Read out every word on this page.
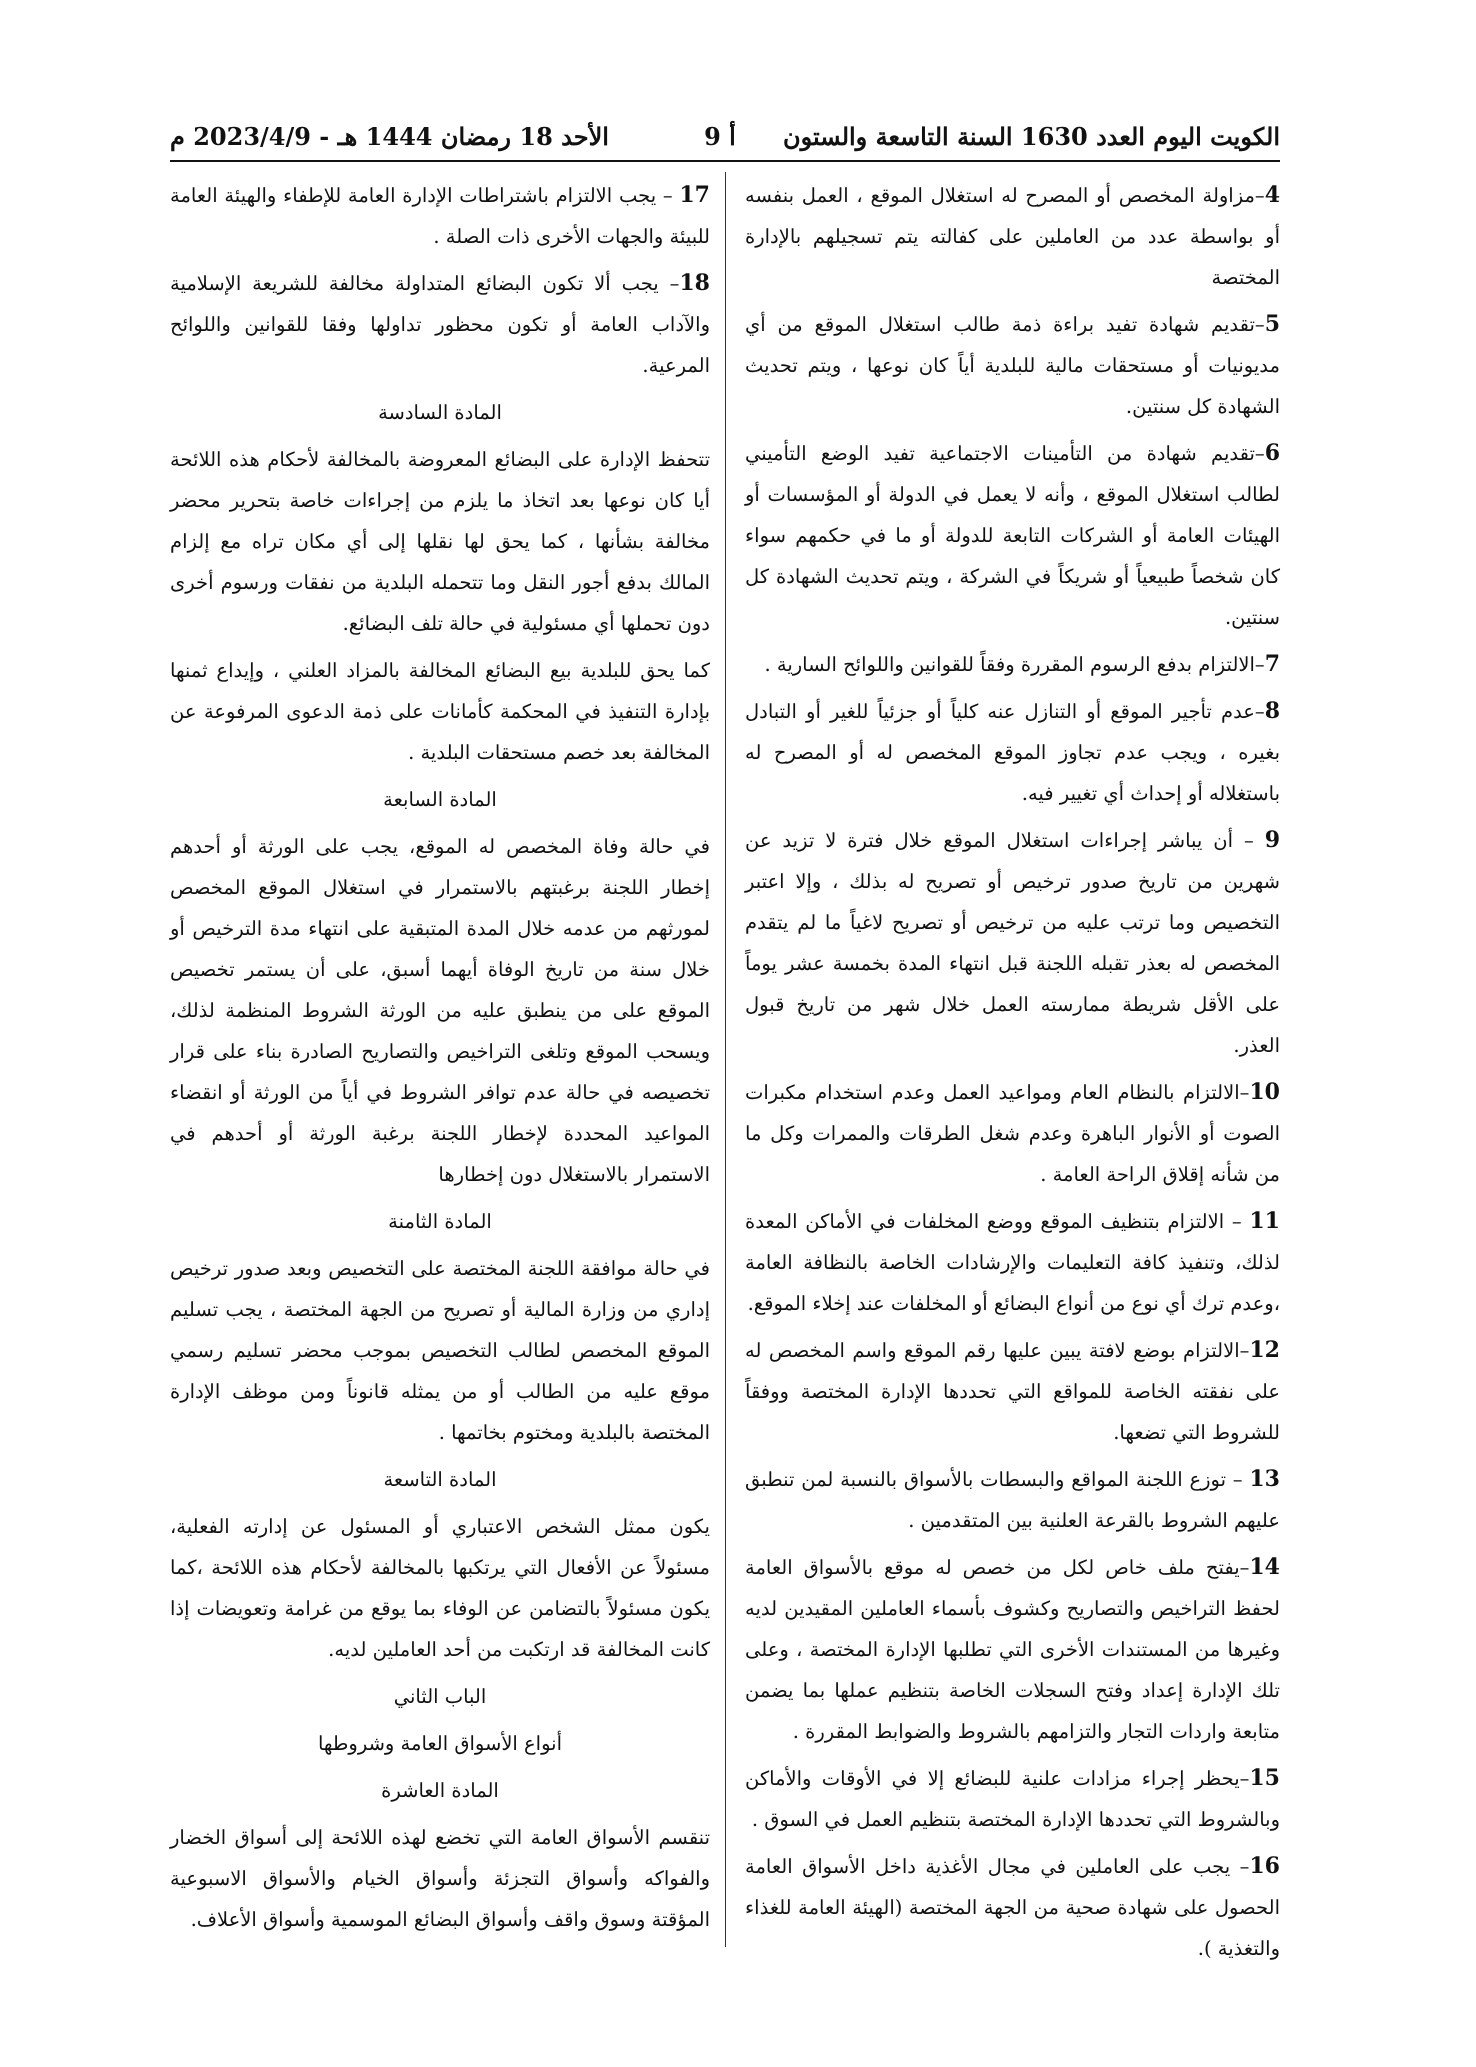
الكويت اليوم العدد 1630 السنة التاسعة والستون
أ 9
الأحد 18 رمضان 1444 هـ - 2023/4/9 م

4–مزاولة المخصص أو المصرح له استغلال الموقع ، العمل بنفسه أو بواسطة عدد من العاملين على كفالته يتم تسجيلهم بالإدارة المختصة

5–تقديم شهادة تفيد براءة ذمة طالب استغلال الموقع من أي مديونيات أو مستحقات مالية للبلدية أياً كان نوعها ، ويتم تحديث الشهادة كل سنتين.

6–تقديم شهادة من التأمينات الاجتماعية تفيد الوضع التأميني لطالب استغلال الموقع ، وأنه لا يعمل في الدولة أو المؤسسات أو الهيئات العامة أو الشركات التابعة للدولة أو ما في حكمهم سواء كان شخصاً طبيعياً أو شريكاً في الشركة ، ويتم تحديث الشهادة كل سنتين.

7–الالتزام بدفع الرسوم المقررة وفقاً للقوانين واللوائح السارية .

8–عدم تأجير الموقع أو التنازل عنه كلياً أو جزئياً للغير أو التبادل بغيره ، ويجب عدم تجاوز الموقع المخصص له أو المصرح له باستغلاله أو إحداث أي تغيير فيه.

9 – أن يباشر إجراءات استغلال الموقع خلال فترة لا تزيد عن شهرين من تاريخ صدور ترخيص أو تصريح له بذلك ، وإلا اعتبر التخصيص وما ترتب عليه من ترخيص أو تصريح لاغياً ما لم يتقدم المخصص له بعذر تقبله اللجنة قبل انتهاء المدة بخمسة عشر يوماً على الأقل شريطة ممارسته العمل خلال شهر من تاريخ قبول العذر.

10–الالتزام بالنظام العام ومواعيد العمل وعدم استخدام مكبرات الصوت أو الأنوار الباهرة وعدم شغل الطرقات والممرات وكل ما من شأنه إقلاق الراحة العامة .

11 – الالتزام بتنظيف الموقع ووضع المخلفات في الأماكن المعدة لذلك، وتنفيذ كافة التعليمات والإرشادات الخاصة بالنظافة العامة ،وعدم ترك أي نوع من أنواع البضائع أو المخلفات عند إخلاء الموقع.

12–الالتزام بوضع لافتة يبين عليها رقم الموقع واسم المخصص له على نفقته الخاصة للمواقع التي تحددها الإدارة المختصة ووفقاً للشروط التي تضعها.

13 – توزع اللجنة المواقع والبسطات بالأسواق بالنسبة لمن تنطبق عليهم الشروط بالقرعة العلنية بين المتقدمين .

14–يفتح ملف خاص لكل من خصص له موقع بالأسواق العامة لحفظ التراخيص والتصاريح وكشوف بأسماء العاملين المقيدين لديه وغيرها من المستندات الأخرى التي تطلبها الإدارة المختصة ، وعلى تلك الإدارة إعداد وفتح السجلات الخاصة بتنظيم عملها بما يضمن متابعة واردات التجار والتزامهم بالشروط والضوابط المقررة .

15–يحظر إجراء مزادات علنية للبضائع إلا في الأوقات والأماكن وبالشروط التي تحددها الإدارة المختصة بتنظيم العمل في السوق .

16– يجب على العاملين في مجال الأغذية داخل الأسواق العامة الحصول على شهادة صحية من الجهة المختصة (الهيئة العامة للغذاء والتغذية ).

17 – يجب الالتزام باشتراطات الإدارة العامة للإطفاء والهيئة العامة للبيئة والجهات الأخرى ذات الصلة .

18– يجب ألا تكون البضائع المتداولة مخالفة للشريعة الإسلامية والآداب العامة أو تكون محظور تداولها وفقا للقوانين واللوائح المرعية.

المادة السادسة

تتحفظ الإدارة على البضائع المعروضة بالمخالفة لأحكام هذه اللائحة أيا كان نوعها بعد اتخاذ ما يلزم من إجراءات خاصة بتحرير محضر مخالفة بشأنها ، كما يحق لها نقلها إلى أي مكان تراه مع إلزام المالك بدفع أجور النقل وما تتحمله البلدية من نفقات ورسوم أخرى دون تحملها أي مسئولية في حالة تلف البضائع.

كما يحق للبلدية بيع البضائع المخالفة بالمزاد العلني ، وإيداع ثمنها بإدارة التنفيذ في المحكمة كأمانات على ذمة الدعوى المرفوعة عن المخالفة بعد خصم مستحقات البلدية .

المادة السابعة

في حالة وفاة المخصص له الموقع، يجب على الورثة أو أحدهم إخطار اللجنة برغبتهم بالاستمرار في استغلال الموقع المخصص لمورثهم من عدمه خلال المدة المتبقية على انتهاء مدة الترخيص أو خلال سنة من تاريخ الوفاة أيهما أسبق، على أن يستمر تخصيص الموقع على من ينطبق عليه من الورثة الشروط المنظمة لذلك، ويسحب الموقع وتلغى التراخيص والتصاريح الصادرة بناء على قرار تخصيصه في حالة عدم توافر الشروط في أياً من الورثة أو انقضاء المواعيد المحددة لإخطار اللجنة برغبة الورثة أو أحدهم في الاستمرار بالاستغلال دون إخطارها

المادة الثامنة

في حالة موافقة اللجنة المختصة على التخصيص وبعد صدور ترخيص إداري من وزارة المالية أو تصريح من الجهة المختصة ، يجب تسليم الموقع المخصص لطالب التخصيص بموجب محضر تسليم رسمي موقع عليه من الطالب أو من يمثله قانوناً ومن موظف الإدارة المختصة بالبلدية ومختوم بخاتمها .

المادة التاسعة

يكون ممثل الشخص الاعتباري أو المسئول عن إدارته الفعلية، مسئولاً عن الأفعال التي يرتكبها بالمخالفة لأحكام هذه اللائحة ،كما يكون مسئولاً بالتضامن عن الوفاء بما يوقع من غرامة وتعويضات إذا كانت المخالفة قد ارتكبت من أحد العاملين لديه.

الباب الثاني

أنواع الأسواق العامة وشروطها

المادة العاشرة

تنقسم الأسواق العامة التي تخضع لهذه اللائحة إلى أسواق الخضار والفواكه وأسواق التجزئة وأسواق الخيام والأسواق الاسبوعية المؤقتة وسوق واقف وأسواق البضائع الموسمية وأسواق الأعلاف.
